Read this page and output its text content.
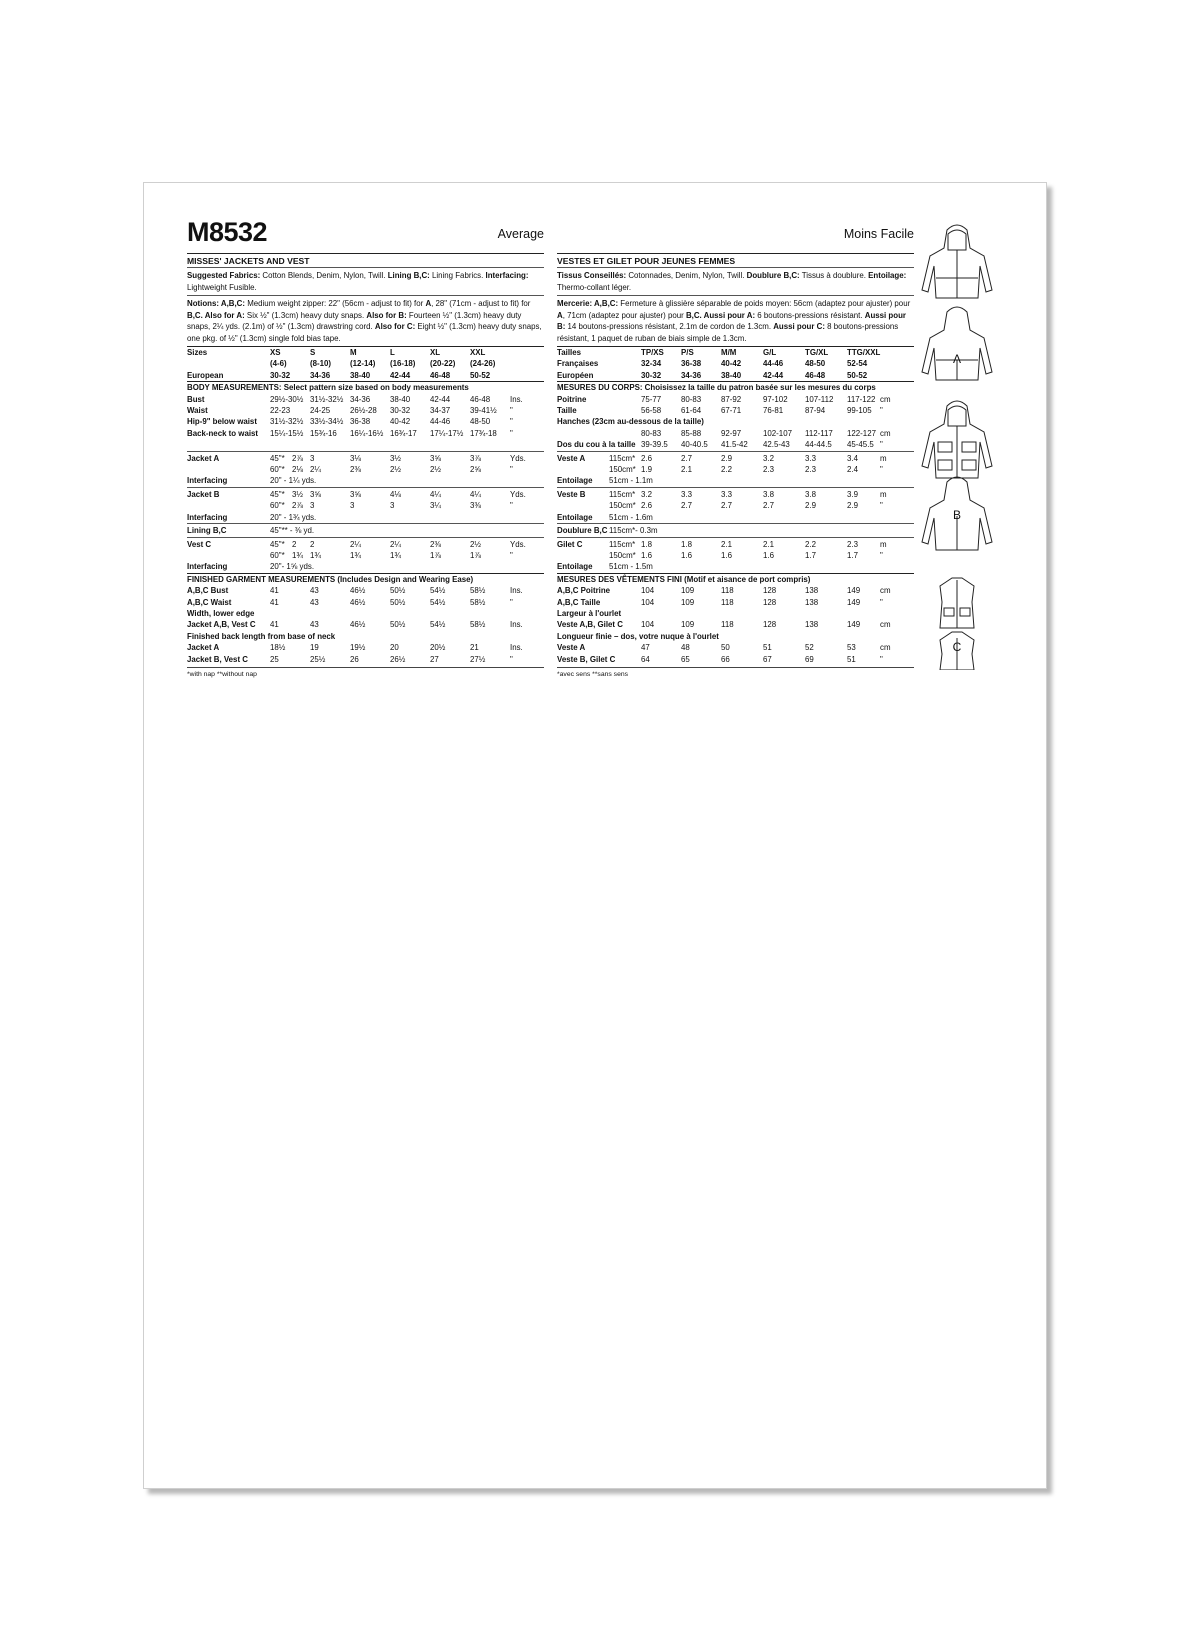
M8532	Average
MISSES' JACKETS AND VEST
Suggested Fabrics: Cotton Blends, Denim, Nylon, Twill. Lining B,C: Lining Fabrics. Interfacing: Lightweight Fusible.
Notions: A,B,C: Medium weight zipper: 22" (56cm - adjust to fit) for A, 28" (71cm - adjust to fit) for B,C. Also for A: Six ½" (1.3cm) heavy duty snaps. Also for B: Fourteen ½" (1.3cm) heavy duty snaps, 2¼ yds. (2.1m) of ½" (1.3cm) drawstring cord. Also for C: Eight ½" (1.3cm) heavy duty snaps, one pkg. of ½" (1.3cm) single fold bias tape.
Sizes	XS	S	M	L	XL	XXL	
	(4-6)	(8-10)	(12-14)	(16-18)	(20-22)	(24-26)	
European	30-32	34-36	38-40	42-44	46-48	50-52	
BODY MEASUREMENTS: Select pattern size based on body measurements							
Bust	29½-30½	31½-32½	34-36	38-40	42-44	46-48	Ins.
Waist	22-23	24-25	26½-28	30-32	34-37	39-41½	"
Hip-9" below waist	31½-32½	33½-34½	36-38	40-42	44-46	48-50	"
Back-neck to waist	15¼-15½	15¾-16	16¼-16½	16¾-17	17¼-17½	17¾-18	"

Jacket A	45"* 2⅞	3	3⅛	3½	3⅝	3⅞	Yds.
	60"* 2⅛	2¼	2⅜	2½	2½	2⅝	"
Interfacing	20" - 1¼ yds.						
Jacket B	45"* 3½	3⅝	3⅝	4⅛	4¼	4¼	Yds.
	60"* 2⅞	3	3	3	3¼	3⅜	"
Interfacing	20" - 1¾ yds.						
Lining B,C	45"** - ⅜ yd.						
Vest C	45"* 2	2	2¼	2¼	2⅜	2½	Yds.
	60"* 1¾	1¾	1¾	1¾	1⅞	1⅞	"
Interfacing	20"- 1⅝ yds.						
FINISHED GARMENT MEASUREMENTS (Includes Design and Wearing Ease)							
A,B,C Bust	41	43	46½	50½	54½	58½	Ins.
A,B,C Waist	41	43	46½	50½	54½	58½	"
Width, lower edge							
Jacket A,B, Vest C	41	43	46½	50½	54½	58½	Ins.
Finished back length from base of neck							
Jacket A	18½	19	19½	20	20½	21	Ins.
Jacket B, Vest C	25	25½	26	26½	27	27½	"
*with nap **without nap
Moins Facile
VESTES ET GILET POUR JEUNES FEMMES
Tissus Conseillés: Cotonnades, Denim, Nylon, Twill. Doublure B,C: Tissus à doublure. Entoilage: Thermo-collant léger.
Mercerie: A,B,C: Fermeture à glissière séparable de poids moyen: 56cm (adaptez pour ajuster) pour A, 71cm (adaptez pour ajuster) pour B,C. Aussi pour A: 6 boutons-pressions résistant. Aussi pour B: 14 boutons-pressions résistant, 2.1m de cordon de 1.3cm. Aussi pour C: 8 boutons-pressions résistant, 1 paquet de ruban de biais simple de 1.3cm.
Tailles		TP/XS	P/S	M/M	G/L	TG/XL	TTG/XXL	
Françaises		32-34	36-38	40-42	44-46	48-50	52-54	
Européen		30-32	34-36	38-40	42-44	46-48	50-52	
MESURES DU CORPS: Choisissez la taille du patron basée sur les mesures du corps								
Poitrine		75-77	80-83	87-92	97-102	107-112	117-122	cm
Taille		56-58	61-64	67-71	76-81	87-94	99-105	"
Hanches (23cm au-dessous de la taille)								
		80-83	85-88	92-97	102-107	112-117	122-127	cm
Dos du cou à la taille		39-39.5	40-40.5	41.5-42	42.5-43	44-44.5	45-45.5	"
Veste A	115cm*	2.6	2.7	2.9	3.2	3.3	3.4	m
	150cm*	1.9	2.1	2.2	2.3	2.3	2.4	"
Entoilage	51cm - 1.1m							
Veste B	115cm*	3.2	3.3	3.3	3.8	3.8	3.9	m
	150cm*	2.6	2.7	2.7	2.7	2.9	2.9	"
Entoilage	51cm - 1.6m							
Doublure B,C	115cm*- 0.3m							
Gilet C	115cm*	1.8	1.8	2.1	2.1	2.2	2.3	m
	150cm*	1.6	1.6	1.6	1.6	1.7	1.7	"
Entoilage	51cm - 1.5m							
MESURES DES VÊTEMENTS FINI (Motif et aisance de port compris)								
A,B,C Poitrine		104	109	118	128	138	149	cm
A,B,C Taille		104	109	118	128	138	149	"
Largeur à l'ourlet								
Veste A,B, Gilet C		104	109	118	128	138	149	cm
Longueur finie – dos, votre nuque à l'ourlet								
Veste A		47	48	50	51	52	53	cm
Veste B, Gilet C		64	65	66	67	69	51	"
*avec sens **sans sens
A
B
C
